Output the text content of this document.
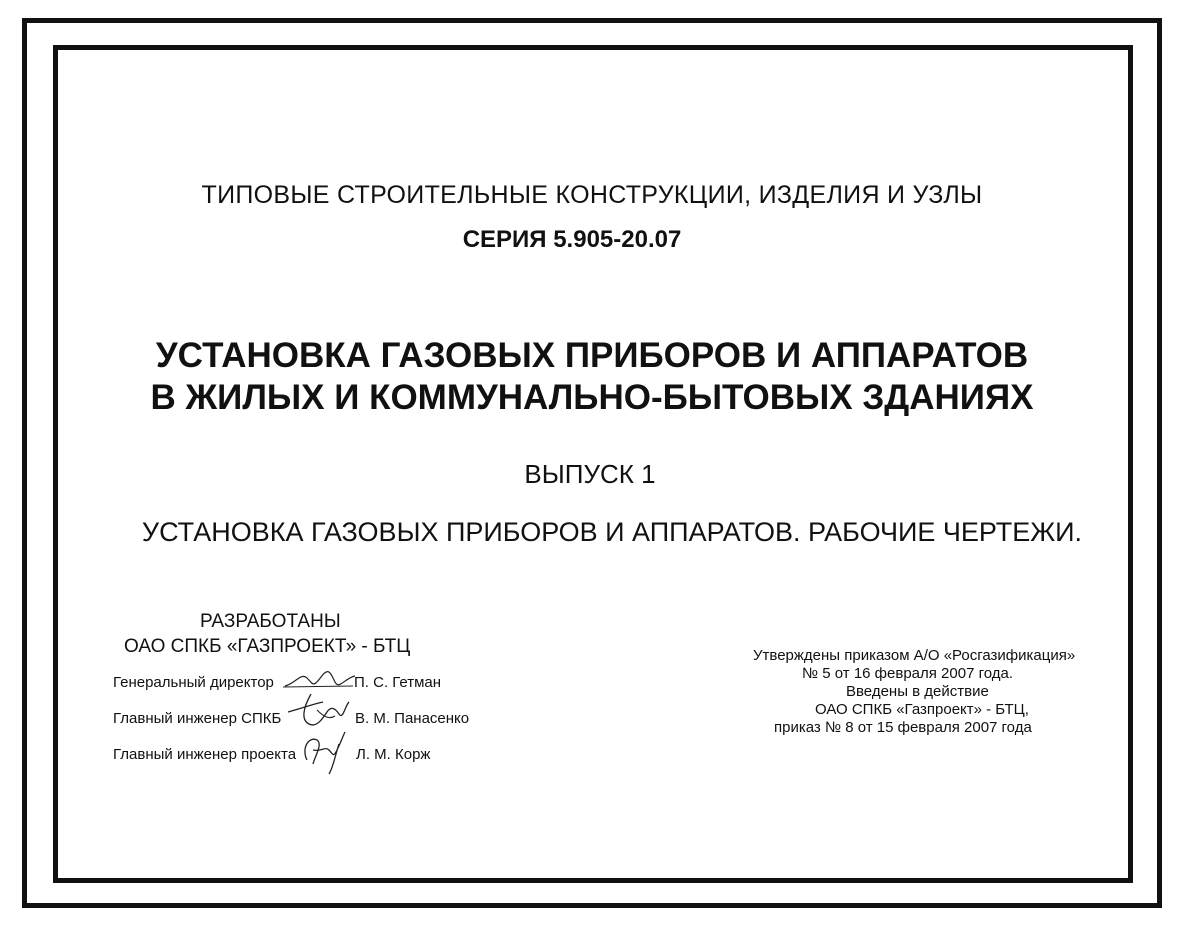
ТИПОВЫЕ СТРОИТЕЛЬНЫЕ КОНСТРУКЦИИ, ИЗДЕЛИЯ И УЗЛЫ
СЕРИЯ 5.905-20.07
УСТАНОВКА ГАЗОВЫХ ПРИБОРОВ И АППАРАТОВ
В ЖИЛЫХ И КОММУНАЛЬНО-БЫТОВЫХ ЗДАНИЯХ
ВЫПУСК 1
УСТАНОВКА ГАЗОВЫХ ПРИБОРОВ И АППАРАТОВ. РАБОЧИЕ ЧЕРТЕЖИ.
РАЗРАБОТАНЫ
ОАО СПКБ «ГАЗПРОЕКТ» - БТЦ
Генеральный директор	П. С. Гетман
Главный инженер СПКБ	В. М. Панасенко
Главный инженер проекта	Л. М. Корж
Утверждены приказом А/О «Росгазификация»
№ 5 от 16 февраля 2007 года.
Введены в действие
ОАО СПКБ «Газпроект» - БТЦ,
приказ № 8 от 15 февраля 2007 года
